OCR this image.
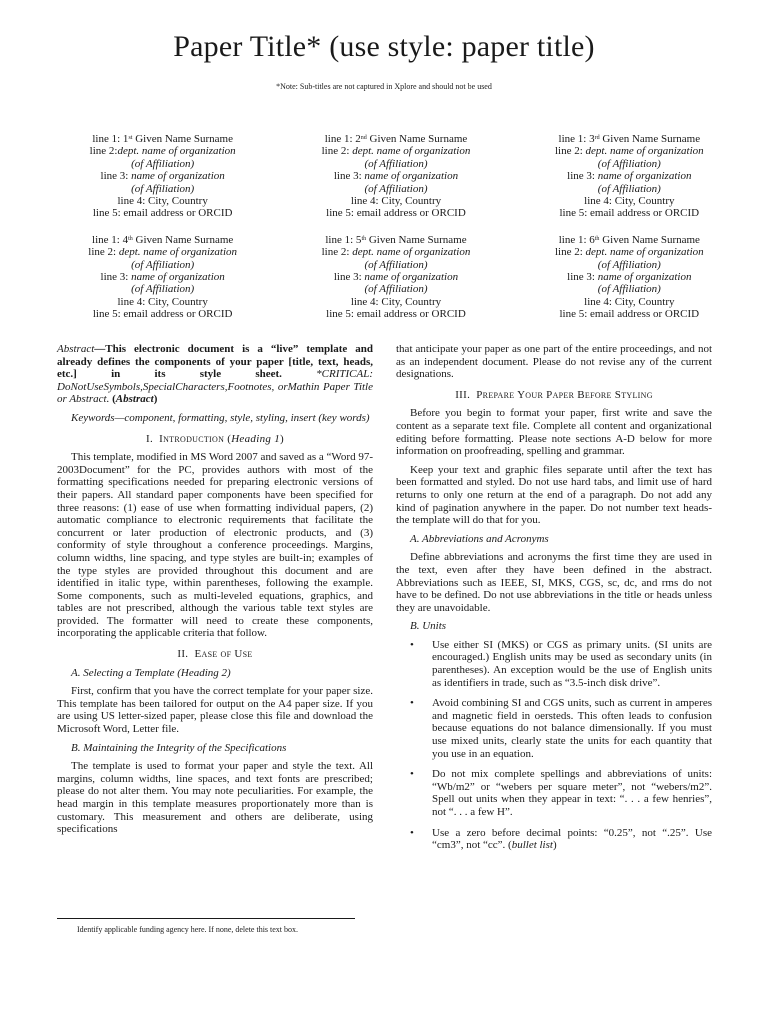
Paper Title* (use style: paper title)

*Note: Sub-titles are not captured in Xplore and should not be used

line 1: 1st Given Name Surname
line 2:dept. name of organization
(of Affiliation)
line 3: name of organization
(of Affiliation)
line 4: City, Country
line 5: email address or ORCID
line 1: 2nd Given Name Surname
line 2: dept. name of organization
(of Affiliation)
line 3: name of organization
(of Affiliation)
line 4: City, Country
line 5: email address or ORCID
line 1: 3rd Given Name Surname
line 2: dept. name of organization
(of Affiliation)
line 3: name of organization
(of Affiliation)
line 4: City, Country
line 5: email address or ORCID
line 1: 4th Given Name Surname
line 2: dept. name of organization
(of Affiliation)
line 3: name of organization
(of Affiliation)
line 4: City, Country
line 5: email address or ORCID
line 1: 5th Given Name Surname
line 2: dept. name of organization
(of Affiliation)
line 3: name of organization
(of Affiliation)
line 4: City, Country
line 5: email address or ORCID
line 1: 6th Given Name Surname
line 2: dept. name of organization
(of Affiliation)
line 3: name of organization
(of Affiliation)
line 4: City, Country
line 5: email address or ORCID

Abstract—This electronic document is a “live” template and already defines the components of your paper [title, text, heads, etc.] in its style sheet. *CRITICAL: DoNotUseSymbols,SpecialCharacters,Footnotes, orMathin Paper Title or Abstract. (Abstract)

Keywords—component, formatting, style, styling, insert (key words)

I. Introduction (Heading 1)

This template, modified in MS Word 2007 and saved as a “Word 97-2003Document” for the PC, provides authors with most of the formatting specifications needed for preparing electronic versions of their papers. All standard paper components have been specified for three reasons: (1) ease of use when formatting individual papers, (2) automatic compliance to electronic requirements that facilitate the concurrent or later production of electronic products, and (3) conformity of style throughout a conference proceedings. Margins, column widths, line spacing, and type styles are built-in; examples of the type styles are provided throughout this document and are identified in italic type, within parentheses, following the example. Some components, such as multi-leveled equations, graphics, and tables are not prescribed, although the various table text styles are provided. The formatter will need to create these components, incorporating the applicable criteria that follow.

II. Ease of Use

A. Selecting a Template (Heading 2)

First, confirm that you have the correct template for your paper size. This template has been tailored for output on the A4 paper size. If you are using US letter-sized paper, please close this file and download the Microsoft Word, Letter file.

B. Maintaining the Integrity of the Specifications

The template is used to format your paper and style the text. All margins, column widths, line spaces, and text fonts are prescribed; please do not alter them. You may note peculiarities. For example, the head margin in this template measures proportionately more than is customary. This measurement and others are deliberate, using specifications

that anticipate your paper as one part of the entire proceedings, and not as an independent document. Please do not revise any of the current designations.

III. Prepare Your Paper Before Styling

Before you begin to format your paper, first write and save the content as a separate text file. Complete all content and organizational editing before formatting. Please note sections A-D below for more information on proofreading, spelling and grammar.

Keep your text and graphic files separate until after the text has been formatted and styled. Do not use hard tabs, and limit use of hard returns to only one return at the end of a paragraph. Do not add any kind of pagination anywhere in the paper. Do not number text heads-the template will do that for you.

A. Abbreviations and Acronyms

Define abbreviations and acronyms the first time they are used in the text, even after they have been defined in the abstract. Abbreviations such as IEEE, SI, MKS, CGS, sc, dc, and rms do not have to be defined. Do not use abbreviations in the title or heads unless they are unavoidable.

B. Units

• Use either SI (MKS) or CGS as primary units. (SI units are encouraged.) English units may be used as secondary units (in parentheses). An exception would be the use of English units as identifiers in trade, such as “3.5-inch disk drive”.
• Avoid combining SI and CGS units, such as current in amperes and magnetic field in oersteds. This often leads to confusion because equations do not balance dimensionally. If you must use mixed units, clearly state the units for each quantity that you use in an equation.
• Do not mix complete spellings and abbreviations of units: “Wb/m2” or “webers per square meter”, not “webers/m2”. Spell out units when they appear in text: “. . . a few henries”, not “. . . a few H”.
• Use a zero before decimal points: “0.25”, not “.25”. Use “cm3”, not “cc”. (bullet list)

Identify applicable funding agency here. If none, delete this text box.
